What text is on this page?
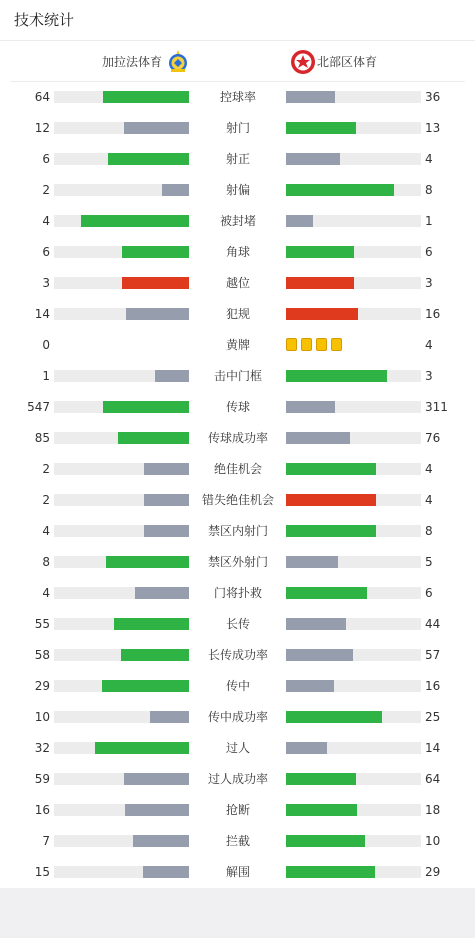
技术统计
加拉法体育	北部区体育
64	控球率	36
12	射门	13
6	射正	4
2	射偏	8
4	被封堵	1
6	角球	6
3	越位	3
14	犯规	16
0	黄牌	4
1	击中门框	3
547	传球	311
85	传球成功率	76
2	绝佳机会	4
2	错失绝佳机会	4
4	禁区内射门	8
8	禁区外射门	5
4	门将扑救	6
55	长传	44
58	长传成功率	57
29	传中	16
10	传中成功率	25
32	过人	14
59	过人成功率	64
16	抢断	18
7	拦截	10
15	解围	29
